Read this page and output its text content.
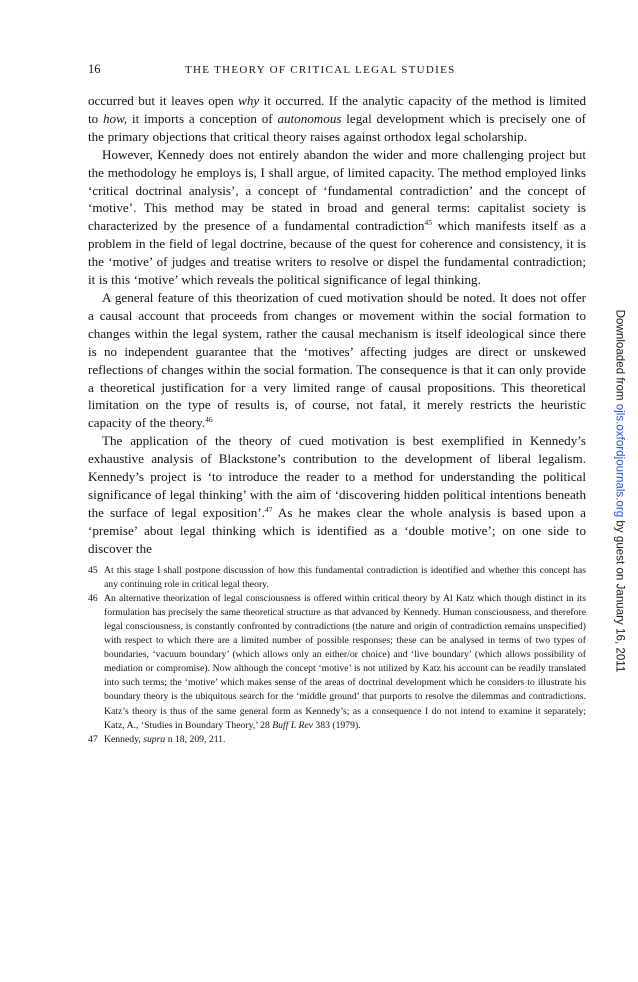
16	THE THEORY OF CRITICAL LEGAL STUDIES

occurred but it leaves open why it occurred. If the analytic capacity of the method is limited to how, it imports a conception of autonomous legal development which is precisely one of the primary objections that critical theory raises against orthodox legal scholarship.

However, Kennedy does not entirely abandon the wider and more challenging project but the methodology he employs is, I shall argue, of limited capacity. The method employed links ‘critical doctrinal analysis’, a concept of ‘fundamental contradiction’ and the concept of ‘motive’. This method may be stated in broad and general terms: capitalist society is characterized by the presence of a fundamental contradiction$^{45}$ which manifests itself as a problem in the field of legal doctrine, because of the quest for coherence and consistency, it is the ‘motive’ of judges and treatise writers to resolve or dispel the fundamental contradiction; it is this ‘motive’ which reveals the political significance of legal thinking.

A general feature of this theorization of cued motivation should be noted. It does not offer a causal account that proceeds from changes or movement within the social formation to changes within the legal system, rather the causal mechanism is itself ideological since there is no independent guarantee that the ‘motives’ affecting judges are direct or unskewed reflections of changes within the social formation. The consequence is that it can only provide a theoretical justification for a very limited range of causal propositions. This theoretical limitation on the type of results is, of course, not fatal, it merely restricts the heuristic capacity of the theory.$^{46}$

The application of the theory of cued motivation is best exemplified in Kennedy’s exhaustive analysis of Blackstone’s contribution to the development of liberal legalism. Kennedy’s project is ‘to introduce the reader to a method for understanding the political significance of legal thinking’ with the aim of ‘discovering hidden political intentions beneath the surface of legal exposition’.$^{47}$ As he makes clear the whole analysis is based upon a ‘premise’ about legal thinking which is identified as a ‘double motive’; on one side to discover the

45 At this stage I shall postpone discussion of how this fundamental contradiction is identified and whether this concept has any continuing role in critical legal theory.
46 An alternative theorization of legal consciousness is offered within critical theory by Al Katz which though distinct in its formulation has precisely the same theoretical structure as that advanced by Kennedy. Human consciousness, and therefore legal consciousness, is constantly confronted by contradictions (the nature and origin of contradiction remains unspecified) with respect to which there are a limited number of possible responses; these can be analysed in terms of two types of boundaries, ‘vacuum boundary’ (which allows only an either/or choice) and ‘live boundary’ (which allows possibility of mediation or compromise). Now although the concept ‘motive’ is not utilized by Katz his account can be readily translated into such terms; the ‘motive’ which makes sense of the areas of doctrinal development which he considers to illustrate his boundary theory is the ubiquitous search for the ‘middle ground’ that purports to resolve the dilemmas and contradictions. Katz’s theory is thus of the same general form as Kennedy’s; as a consequence I do not intend to examine it separately; Katz, A., ‘Studies in Boundary Theory,’ 28 Buff L Rev 383 (1979).
47 Kennedy, supra n 18, 209, 211.
Downloaded from ojls.oxfordjournals.org by guest on January 16, 2011
